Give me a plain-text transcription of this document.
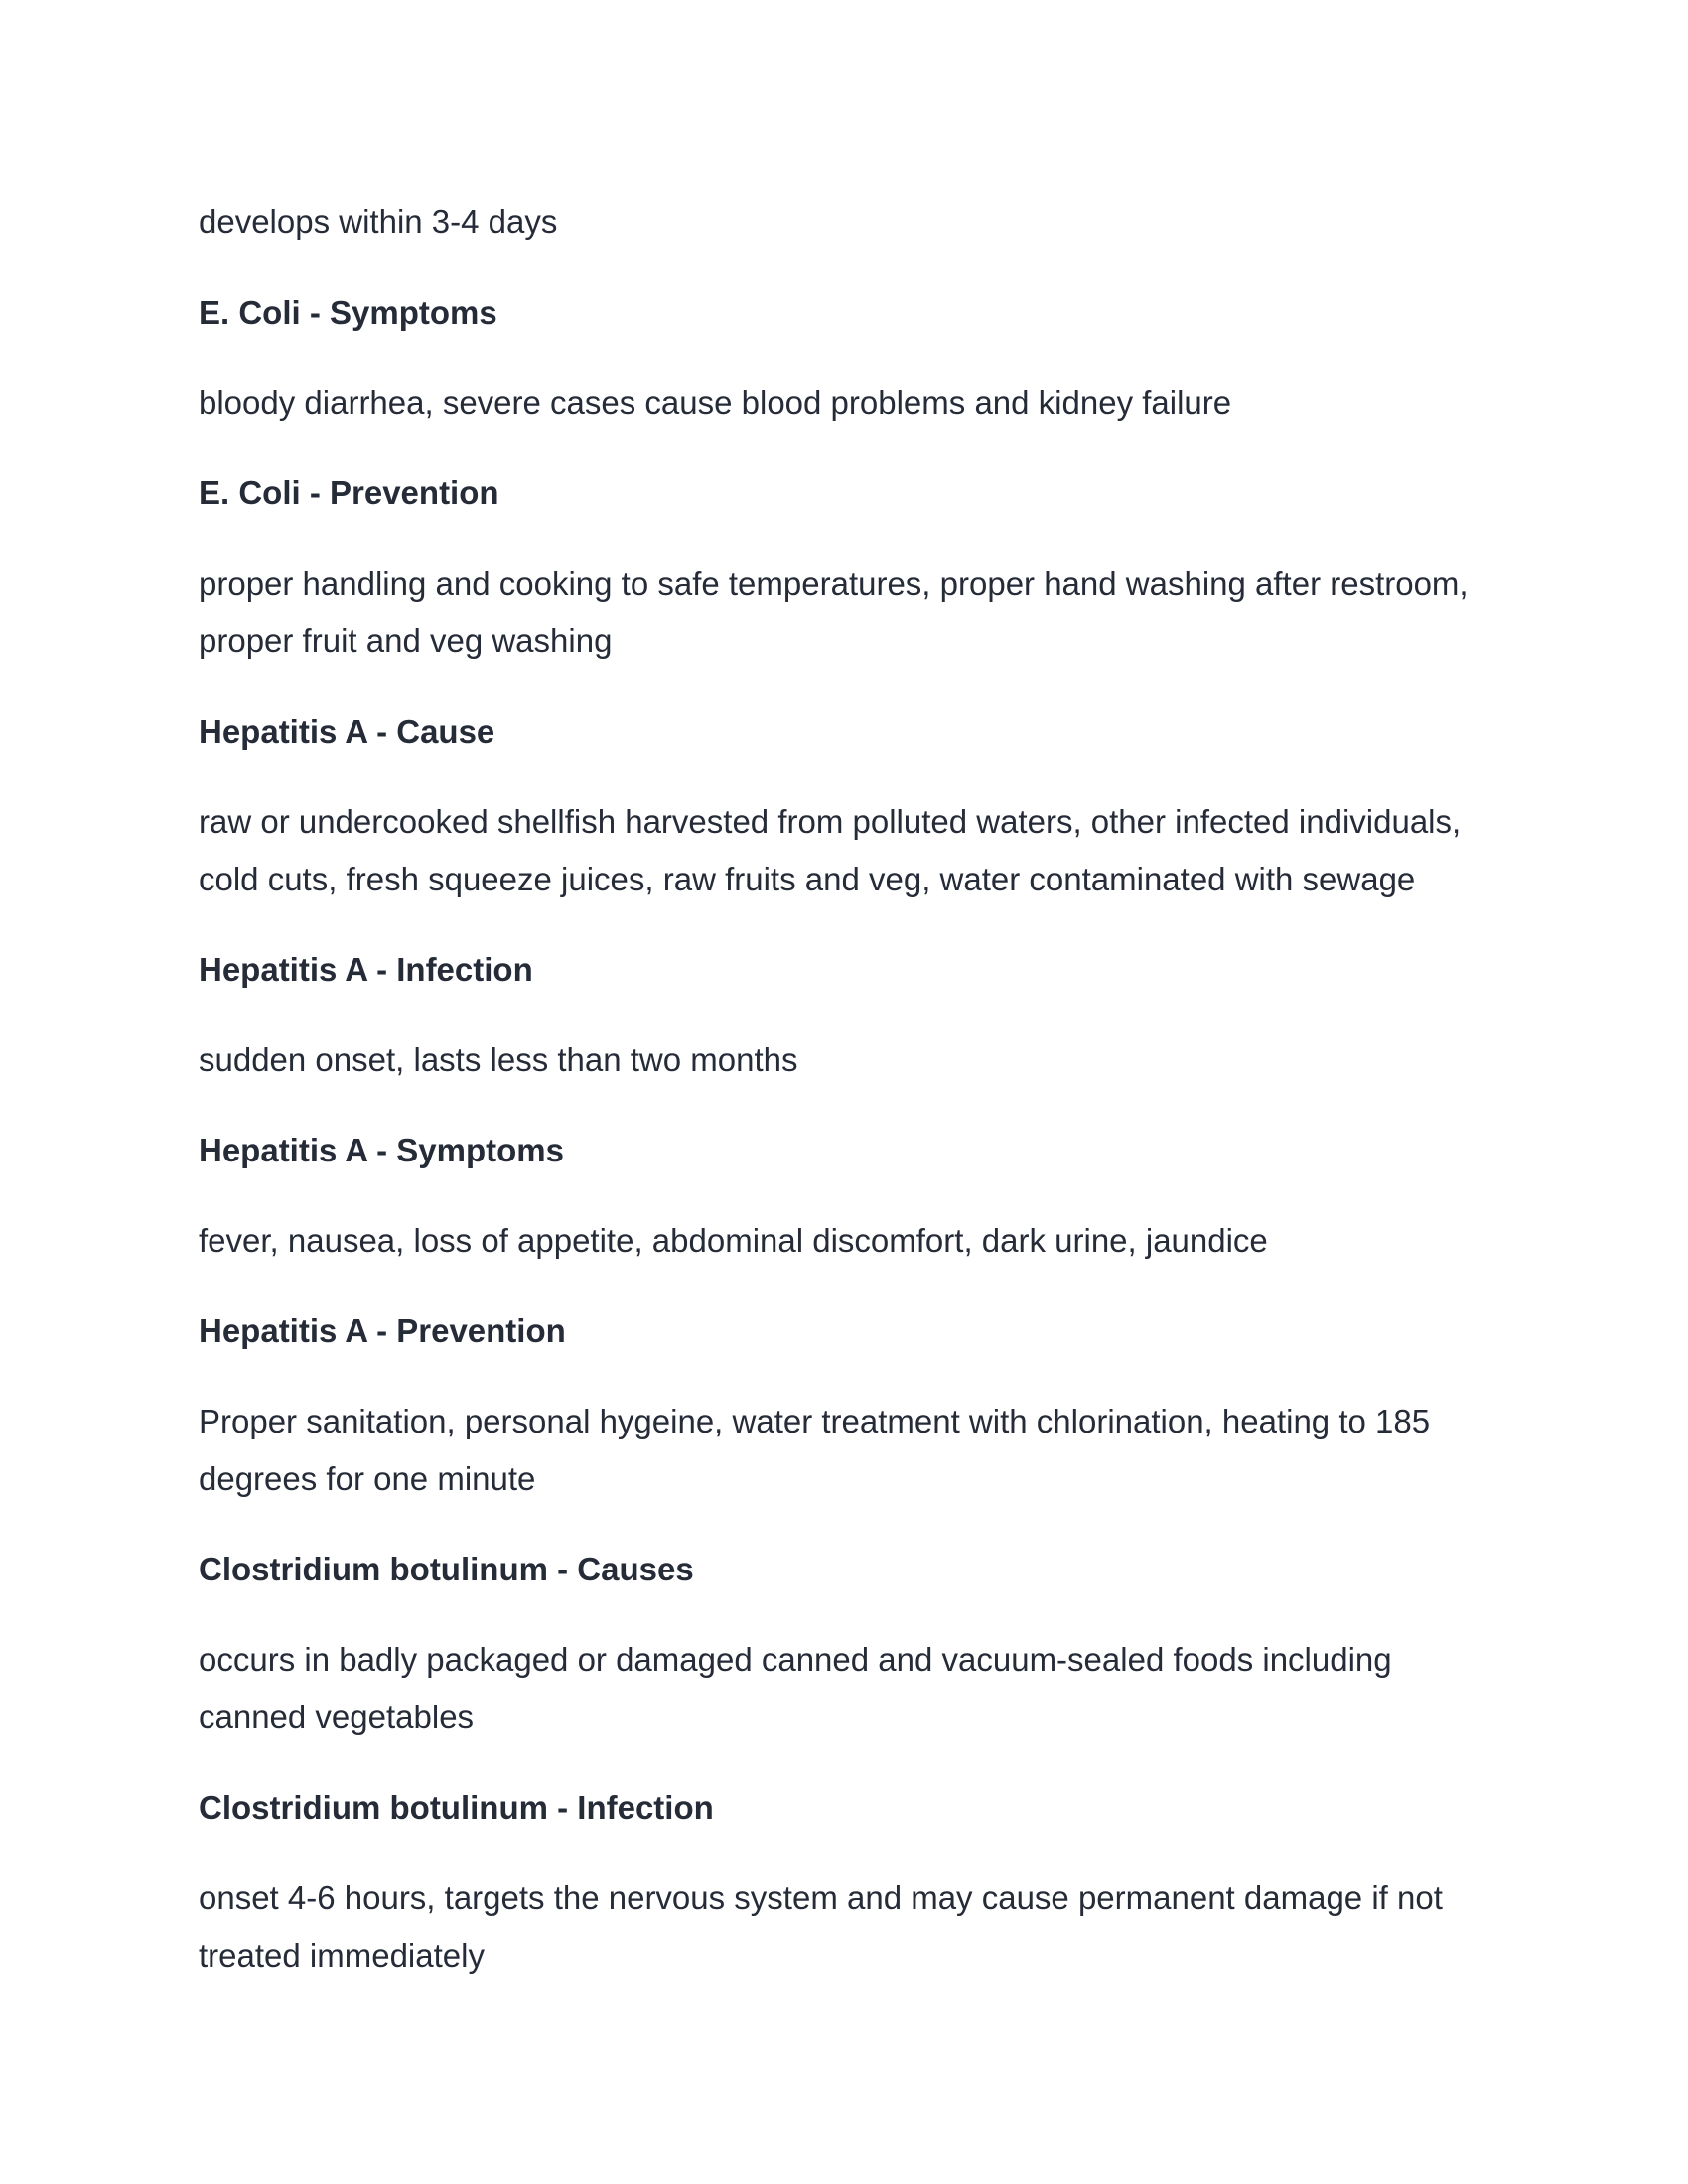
develops within 3-4 days

E. Coli - Symptoms

bloody diarrhea, severe cases cause blood problems and kidney failure

E. Coli - Prevention

proper handling and cooking to safe temperatures, proper hand washing after restroom, proper fruit and veg washing

Hepatitis A - Cause

raw or undercooked shellfish harvested from polluted waters, other infected individuals, cold cuts, fresh squeeze juices, raw fruits and veg, water contaminated with sewage

Hepatitis A - Infection

sudden onset, lasts less than two months

Hepatitis A - Symptoms

fever, nausea, loss of appetite, abdominal discomfort, dark urine, jaundice

Hepatitis A - Prevention

Proper sanitation, personal hygeine, water treatment with chlorination, heating to 185 degrees for one minute

Clostridium botulinum - Causes

occurs in badly packaged or damaged canned and vacuum-sealed foods including canned vegetables

Clostridium botulinum - Infection

onset 4-6 hours, targets the nervous system and may cause permanent damage if not treated immediately
